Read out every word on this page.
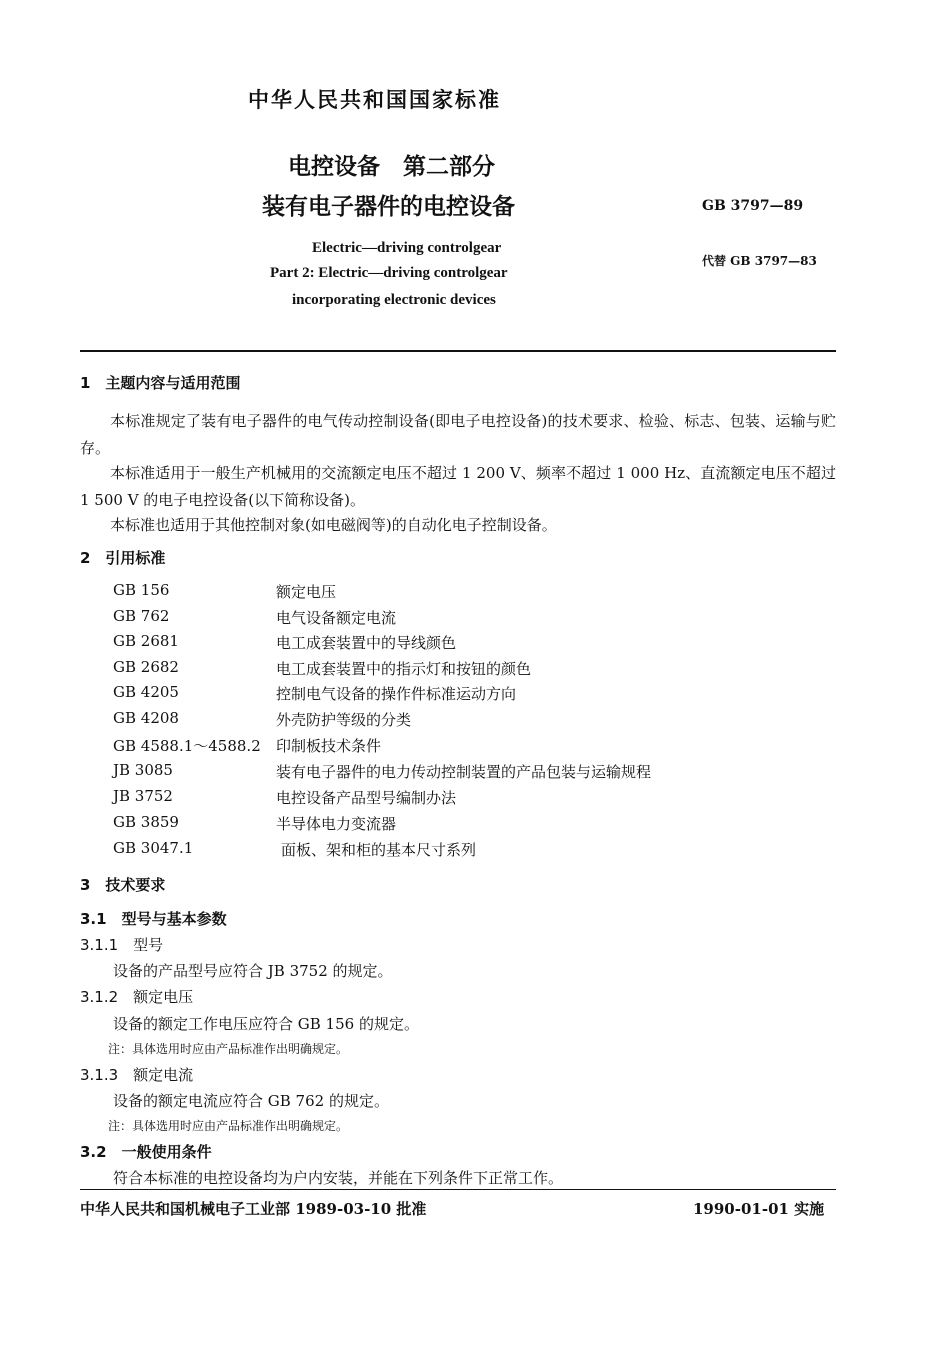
中华人民共和国国家标准
电控设备　第二部分
装有电子器件的电控设备	GB 3797—89
代替 GB 3797—83
Electric—driving controlgear
Part 2: Electric—driving controlgear
incorporating electronic devices
1　主题内容与适用范围
本标准规定了装有电子器件的电气传动控制设备(即电子电控设备)的技术要求、检验、标志、包装、运输与贮存。
本标准适用于一般生产机械用的交流额定电压不超过 1 200 V、频率不超过 1 000 Hz、直流额定电压不超过 1 500 V 的电子电控设备(以下简称设备)。
本标准也适用于其他控制对象(如电磁阀等)的自动化电子控制设备。
2　引用标准
GB 156	额定电压
GB 762	电气设备额定电流
GB 2681	电工成套装置中的导线颜色
GB 2682	电工成套装置中的指示灯和按钮的颜色
GB 4205	控制电气设备的操作件标准运动方向
GB 4208	外壳防护等级的分类
GB 4588.1～4588.2 印制板技术条件
JB 3085	装有电子器件的电力传动控制装置的产品包装与运输规程
JB 3752	电控设备产品型号编制办法
GB 3859	半导体电力变流器
GB 3047.1	面板、架和柜的基本尺寸系列
3　技术要求
3.1　型号与基本参数
3.1.1　型号
设备的产品型号应符合 JB 3752 的规定。
3.1.2　额定电压
设备的额定工作电压应符合 GB 156 的规定。
注：具体选用时应由产品标准作出明确规定。
3.1.3　额定电流
设备的额定电流应符合 GB 762 的规定。
注：具体选用时应由产品标准作出明确规定。
3.2　一般使用条件
符合本标准的电控设备均为户内安装，并能在下列条件下正常工作。
中华人民共和国机械电子工业部 1989-03-10 批准	1990-01-01 实施
